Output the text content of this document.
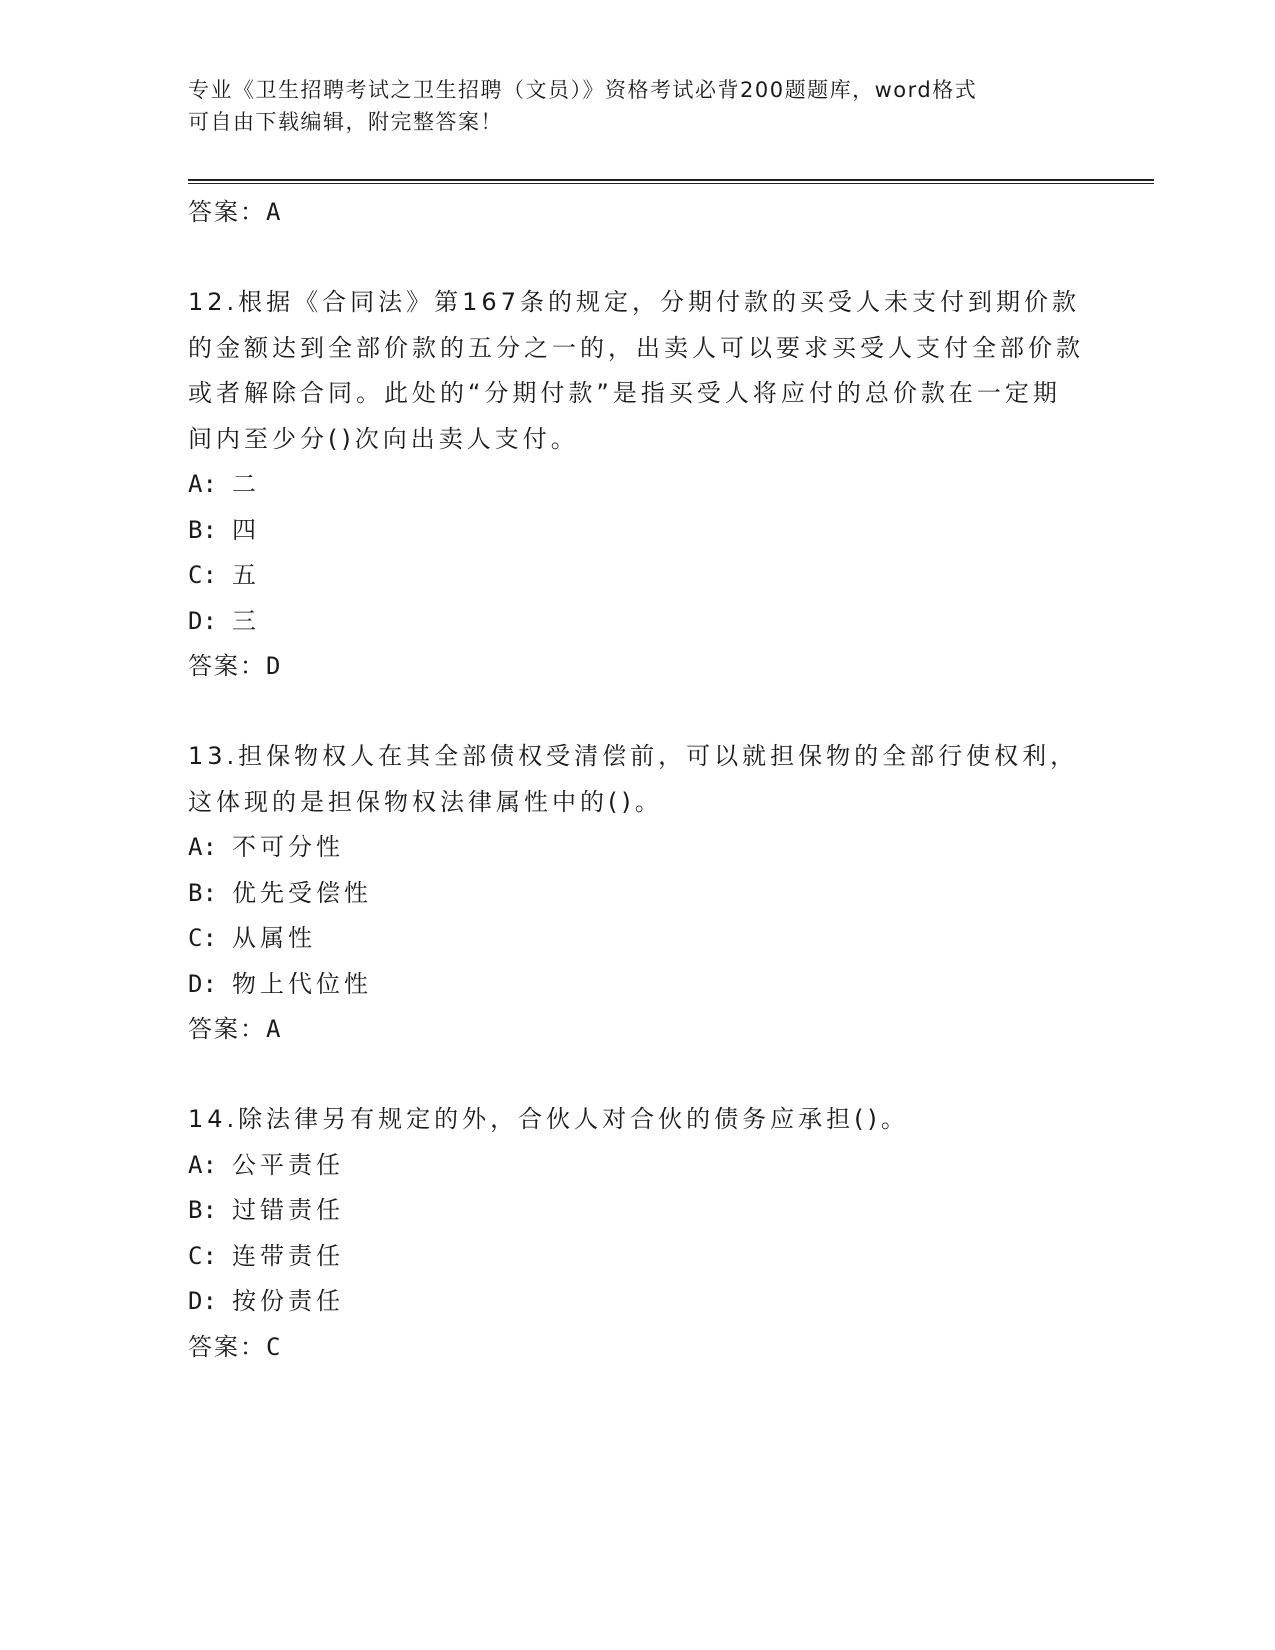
专业《卫生招聘考试之卫生招聘（文员）》资格考试必背200题题库，word格式
可自由下载编辑，附完整答案！
答案：A
12.根据《合同法》第167条的规定，分期付款的买受人未支付到期价款的金额达到全部价款的五分之一的，出卖人可以要求买受人支付全部价款或者解除合同。此处的“分期付款”是指买受人将应付的总价款在一定期间内至少分()次向出卖人支付。
A: 二
B: 四
C: 五
D: 三
答案：D
13.担保物权人在其全部债权受清偿前，可以就担保物的全部行使权利，这体现的是担保物权法律属性中的()。
A: 不可分性
B: 优先受偿性
C: 从属性
D: 物上代位性
答案：A
14.除法律另有规定的外，合伙人对合伙的债务应承担()。
A: 公平责任
B: 过错责任
C: 连带责任
D: 按份责任
答案：C
